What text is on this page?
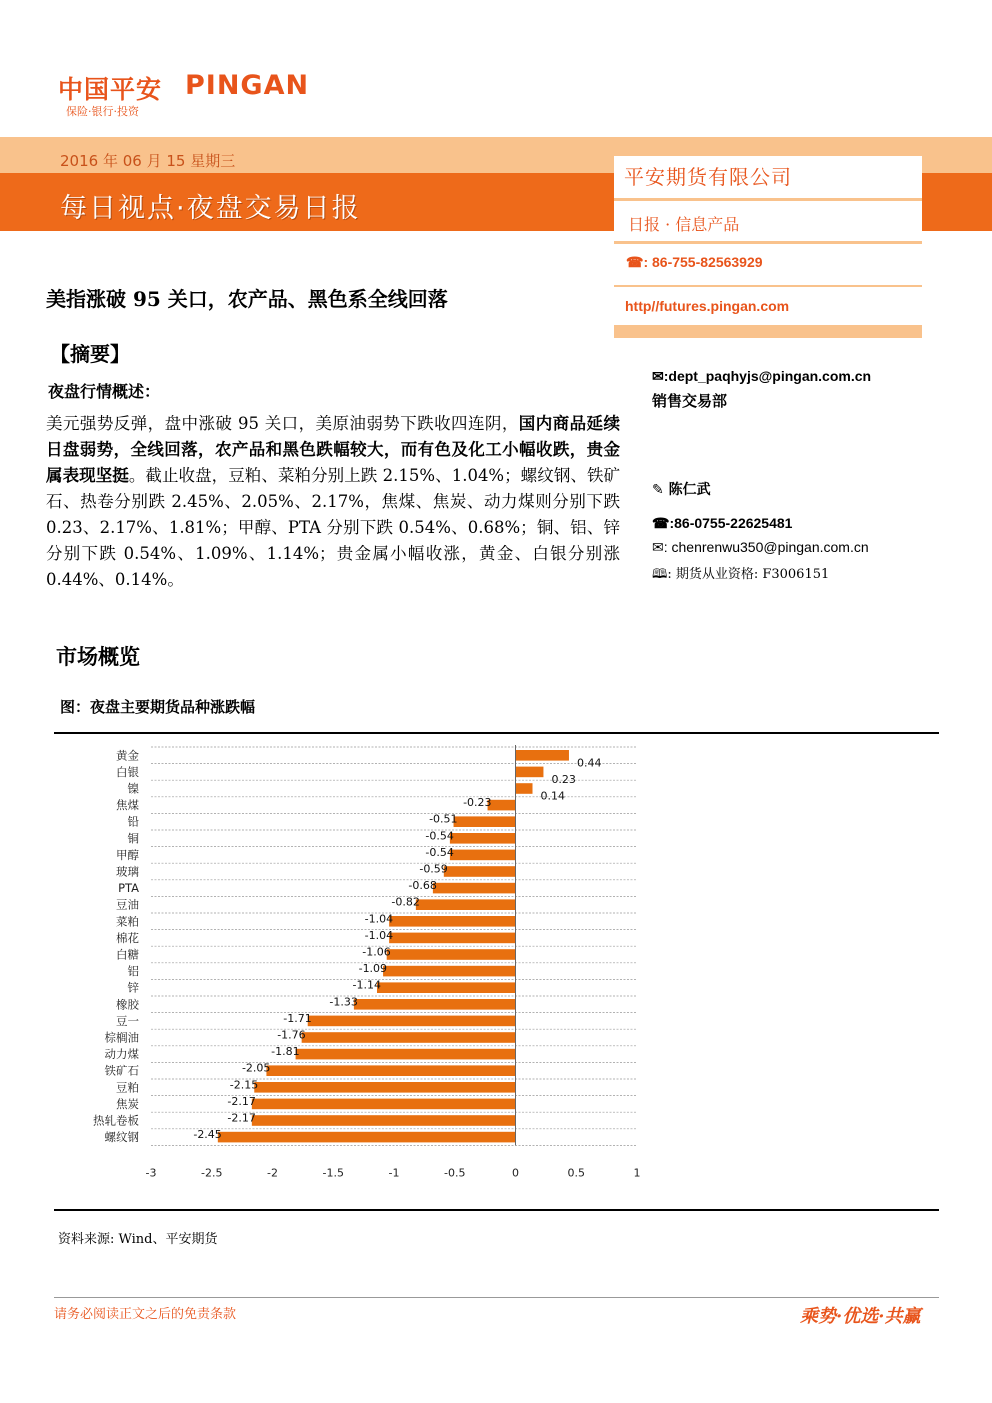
中国平安 PINGAN
保险·银行·投资
2016 年 06 月 15 星期三
每日视点·夜盘交易日报
平安期货有限公司
日报 · 信息产品
☎: 86-755-82563929
http//futures.pingan.com
✉:dept_paqhyjs@pingan.com.cn
销售交易部
✎ 陈仁武
☎:86-0755-22625481
✉: chenrenwu350@pingan.com.cn
🕮: 期货从业资格: F3006151
美指涨破 95 关口，农产品、黑色系全线回落
【摘要】
夜盘行情概述：
美元强势反弹，盘中涨破 95 关口，美原油弱势下跌收四连阴，国内商品延续日盘弱势，全线回落，农产品和黑色跌幅较大，而有色及化工小幅收跌，贵金属表现坚挺。截止收盘，豆粕、菜粕分别上跌 2.15%、1.04%；螺纹钢、铁矿石、热卷分别跌 2.45%、2.05%、2.17%，焦煤、焦炭、动力煤则分别下跌 0.23、2.17%、1.81%；甲醇、PTA 分别下跌 0.54%、0.68%；铜、铝、锌分别下跌 0.54%、1.09%、1.14%；贵金属小幅收涨，黄金、白银分别涨 0.44%、0.14%。
市场概览
图：夜盘主要期货品种涨跌幅
黄金
0.44
白银
0.23
镍
0.14
焦煤	-0.23
铅	-0.51
铜	-0.54
甲醇	-0.54
玻璃	-0.59
PTA	-0.68
豆油	-0.82
菜粕	-1.04
棉花	-1.04
白糖	-1.06
铝	-1.09
锌	-1.14
橡胶	-1.33
豆一	-1.71
棕榈油	-1.76
动力煤	-1.81
铁矿石	-2.05
豆粕	-2.15
焦炭	-2.17
热轧卷板	-2.17
螺纹钢	-2.45
-3	-2.5	-2	-1.5	-1	-0.5	0	0.5	1
资料来源: Wind、平安期货
请务必阅读正文之后的免责条款	乘势·优选·共赢
